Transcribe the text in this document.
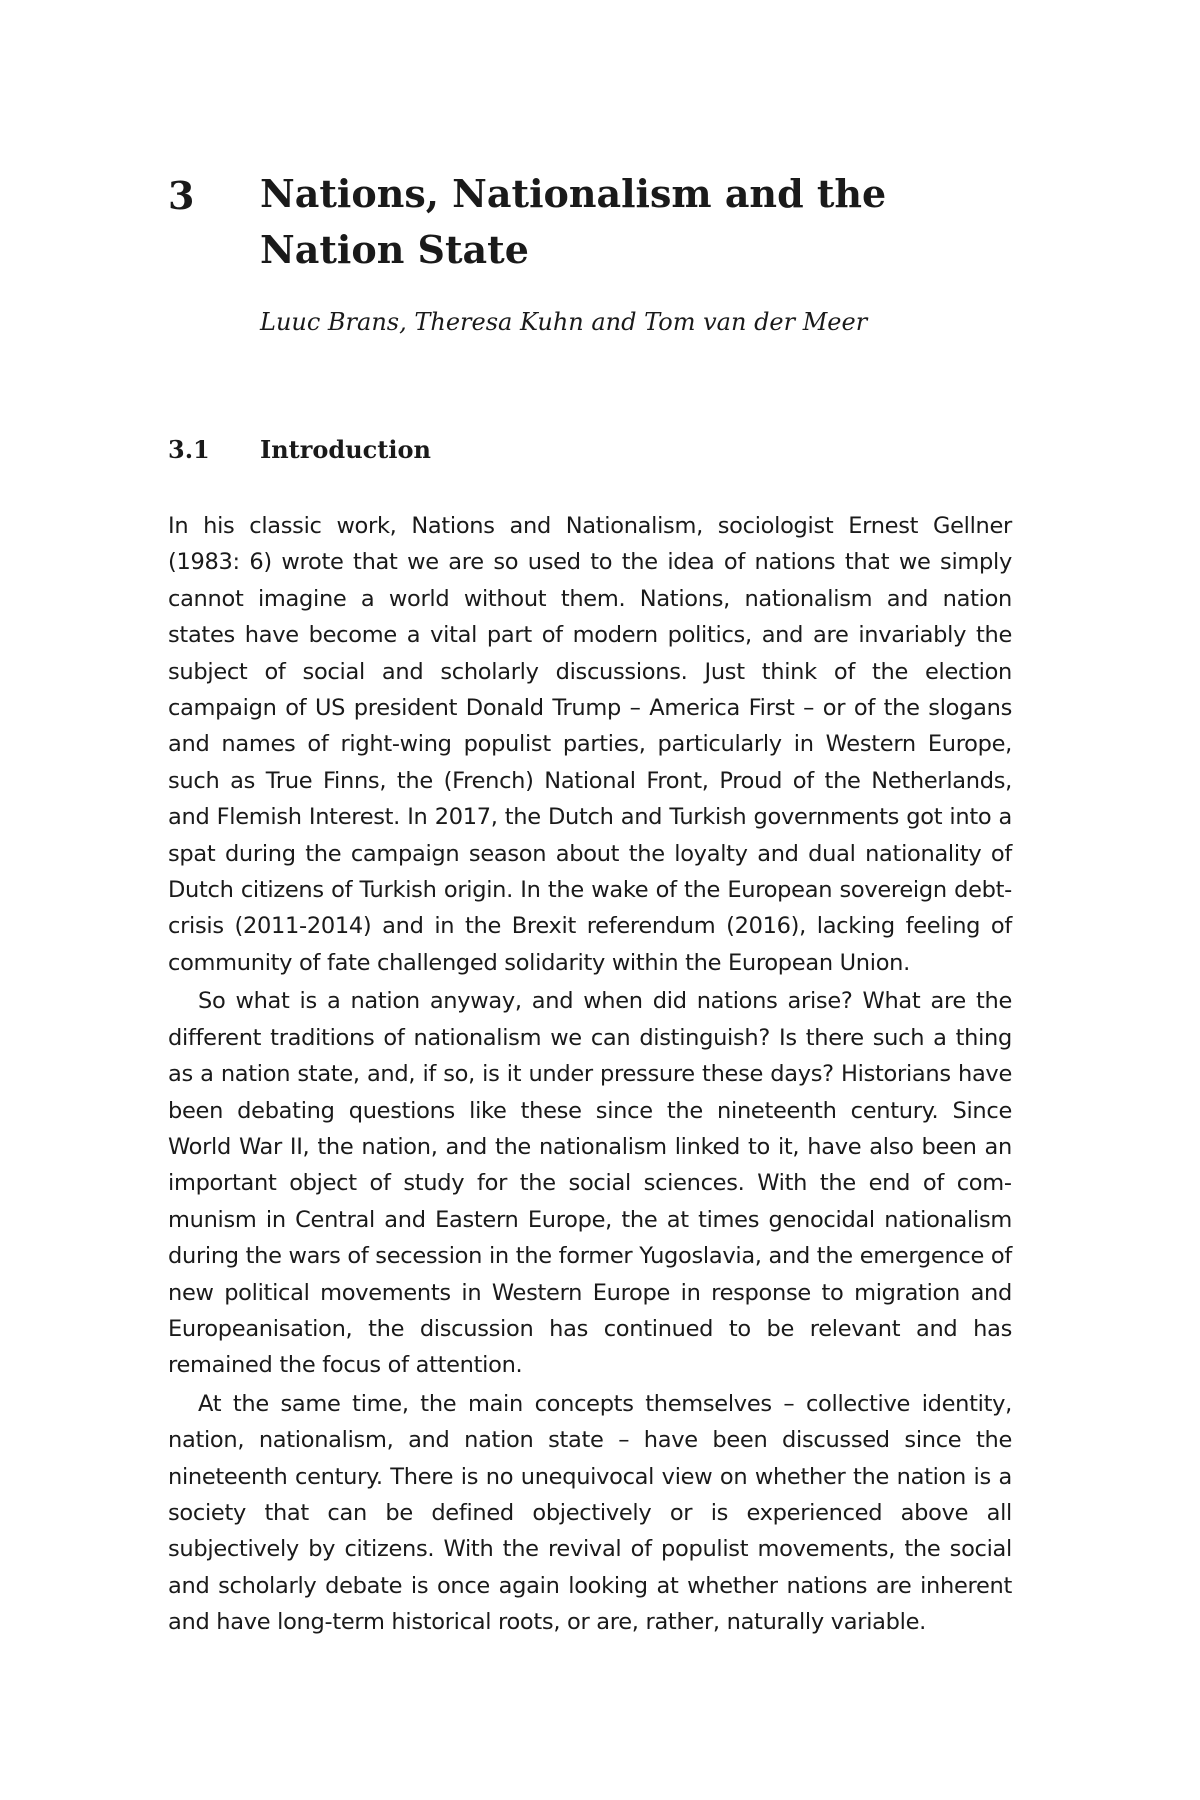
3 Nations, Nationalism and the Nation State
Luuc Brans, Theresa Kuhn and Tom van der Meer
3.1 Introduction

In his classic work, Nations and Nationalism, sociologist Ernest Gellner (1983: 6) wrote that we are so used to the idea of nations that we simply cannot imagine a world without them. Nations, nationalism and nation states have become a vital part of modern politics, and are invariably the subject of social and scholarly discussions. Just think of the election campaign of US president Donald Trump – America First – or of the slogans and names of right-wing populist parties, particularly in Western Europe, such as True Finns, the (French) National Front, Proud of the Netherlands, and Flemish Interest. In 2017, the Dutch and Turkish governments got into a spat during the campaign season about the loyalty and dual nationality of Dutch citizens of Turkish origin. In the wake of the European sovereign debt-crisis (2011-2014) and in the Brexit referendum (2016), lacking feeling of community of fate challenged solidarity within the European Union.

So what is a nation anyway, and when did nations arise? What are the different traditions of nationalism we can distinguish? Is there such a thing as a nation state, and, if so, is it under pressure these days? Historians have been debating questions like these since the nineteenth century. Since World War II, the nation, and the nationalism linked to it, have also been an important object of study for the social sciences. With the end of communism in Central and Eastern Europe, the at times genocidal nationalism during the wars of secession in the former Yugoslavia, and the emergence of new political movements in Western Europe in response to migration and Europeanisation, the discussion has continued to be relevant and has remained the focus of attention.

At the same time, the main concepts themselves – collective identity, nation, nationalism, and nation state – have been discussed since the nineteenth century. There is no unequivocal view on whether the nation is a society that can be defined objectively or is experienced above all subjectively by citizens. With the revival of populist movements, the social and scholarly debate is once again looking at whether nations are inherent and have long-term historical roots, or are, rather, naturally variable.
